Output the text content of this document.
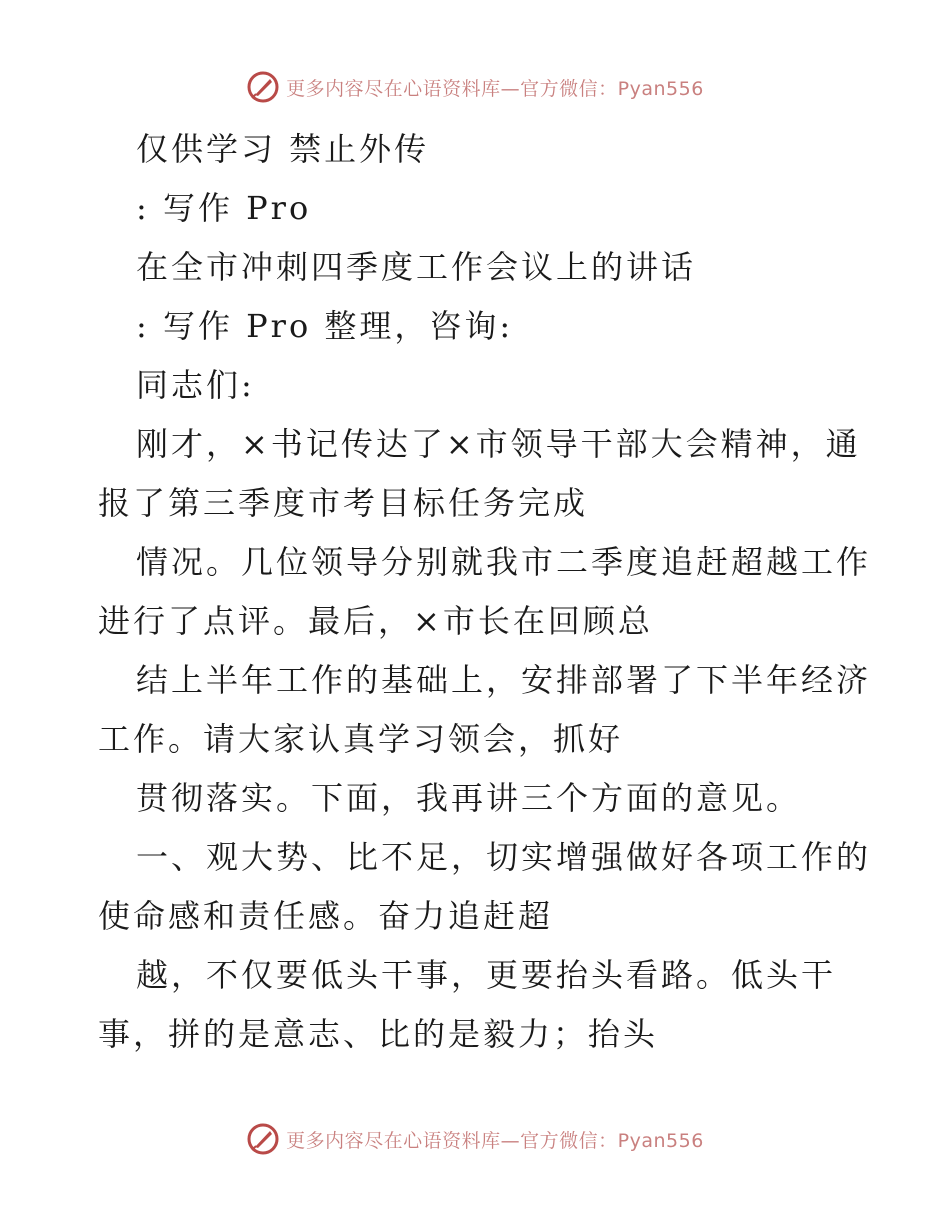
更多内容尽在心语资料库—官方微信：Pyan556
仅供学习 禁止外传
: 写作 Pro
在全市冲刺四季度工作会议上的讲话
: 写作 Pro 整理，咨询:
同志们:
刚才，×书记传达了×市领导干部大会精神，通
报了第三季度市考目标任务完成
情况。几位领导分别就我市二季度追赶超越工作
进行了点评。最后，×市长在回顾总
结上半年工作的基础上，安排部署了下半年经济
工作。请大家认真学习领会，抓好
贯彻落实。下面，我再讲三个方面的意见。
一、观大势、比不足，切实增强做好各项工作的
使命感和责任感。奋力追赶超
越，不仅要低头干事，更要抬头看路。低头干
事，拼的是意志、比的是毅力；抬头
更多内容尽在心语资料库—官方微信：Pyan556
